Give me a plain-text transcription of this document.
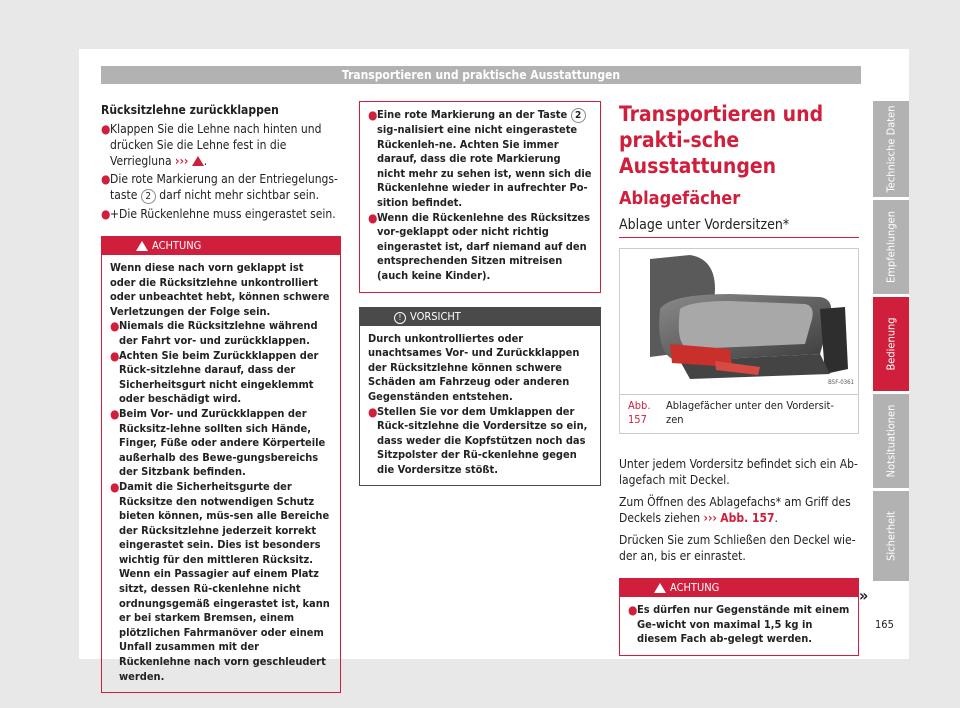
Transportieren und praktische Ausstattungen
Rücksitzlehne zurückklappen
● Klappen Sie die Lehne nach hinten und drücken Sie die Lehne fest in die Verriegluna ››› .
● Die rote Markierung an der Entriegelungs-taste 2 darf nicht mehr sichtbar sein.
● +Die Rückenlehne muss eingerastet sein.
ACHTUNG
Wenn diese nach vorn geklappt ist oder die Rücksitzlehne unkontrolliert oder unbeachtet hebt, können schwere Verletzungen der Folge sein.
● Niemals die Rücksitzlehne während der Fahrt vor- und zurückklappen.
● Achten Sie beim Zurückklappen der Rück-sitzlehne darauf, dass der Sicherheitsgurt nicht eingeklemmt oder beschädigt wird.
● Beim Vor- und Zurückklappen der Rücksitz-lehne sollten sich Hände, Finger, Füße oder andere Körperteile außerhalb des Bewe-gungsbereichs der Sitzbank befinden.
● Damit die Sicherheitsgurte der Rücksitze den notwendigen Schutz bieten können, müs-sen alle Bereiche der Rücksitzlehne jederzeit korrekt eingerastet sein. Dies ist besonders wichtig für den mittleren Rücksitz. Wenn ein Passagier auf einem Platz sitzt, dessen Rü-ckenlehne nicht ordnungsgemäß eingerastet ist, kann er bei starkem Bremsen, einem plötzlichen Fahrmanöver oder einem Unfall zusammen mit der Rückenlehne nach vorn geschleudert werden.
● Eine rote Markierung an der Taste 2 sig-nalisiert eine nicht eingerastete Rückenleh-ne. Achten Sie immer darauf, dass die rote Markierung nicht mehr zu sehen ist, wenn sich die Rückenlehne wieder in aufrechter Po-sition befindet.
● Wenn die Rückenlehne des Rücksitzes vor-geklappt oder nicht richtig eingerastet ist, darf niemand auf den entsprechenden Sitzen mitreisen (auch keine Kinder).
! VORSICHT
Durch unkontrolliertes oder unachtsames Vor- und Zurückklappen der Rücksitzlehne können schwere Schäden am Fahrzeug oder anderen Gegenständen entstehen.
● Stellen Sie vor dem Umklappen der Rück-sitzlehne die Vordersitze so ein, dass weder die Kopfstützen noch das Sitzpolster der Rü-ckenlehne gegen die Vordersitze stößt.
Transportieren und prakti-sche Ausstattungen
Ablagefächer
Ablage unter Vordersitzen*
B5F-0361
Abb. 157
Ablagefächer unter den Vordersit-zen

Unter jedem Vordersitz befindet sich ein Ab-lagefach mit Deckel.

Zum Öffnen des Ablagefachs* am Griff des Deckels ziehen ››› Abb. 157.

Drücken Sie zum Schließen den Deckel wie-der an, bis er einrastet.

ACHTUNG
● Es dürfen nur Gegenstände mit einem Ge-wicht von maximal 1,5 kg in diesem Fach ab-gelegt werden.
»
Technische Daten
Empfehlungen
Bedienung
Notsituationen
Sicherheit
165
